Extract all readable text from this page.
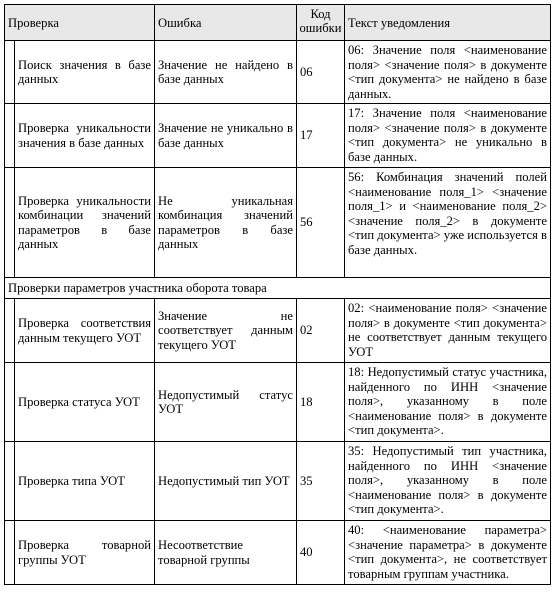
Проверка		Ошибка	Код ошибки	Текст уведомления
	Поиск значения в базе данных	Значение не найдено в базе данных	06	06: Значение поля <наименование поля> <значение поля> в документе <тип документа> не найдено в базе данных.
	Проверка уникальности значения в базе данных	Значение не уникально в базе данных	17	17: Значение поля <наименование поля> <значение поля> в документе <тип документа> не уникально в базе данных.
	Проверка уникальности комбинации значений параметров в базе данных	Не уникальная комбинация значений параметров в базе данных	56	56: Комбинация значений полей <наименование поля_1> <значение поля_1> и <наименование поля_2> <значение поля_2> в документе <тип документа> уже используется в базе данных.
Проверки параметров участника оборота товара				
	Проверка соответствия данным текущего УОТ	Значение не соответствует данным текущего УОТ	02	02: <наименование поля> <значение поля> в документе <тип документа> не соответствует данным текущего УОТ
	Проверка статуса УОТ	Недопустимый статус УОТ	18	18: Недопустимый статус участника, найденного по ИНН <значение поля>, указанному в поле <наименование поля> в документе <тип документа>.
	Проверка типа УОТ	Недопустимый тип УОТ	35	35: Недопустимый тип участника, найденного по ИНН <значение поля>, указанному в поле <наименование поля> в документе <тип документа>.
	Проверка товарной группы УОТ	Несоответствие товарной группы	40	40: <наименование параметра> <значение параметра> в документе <тип документа>, не соответствует товарным группам участника.
